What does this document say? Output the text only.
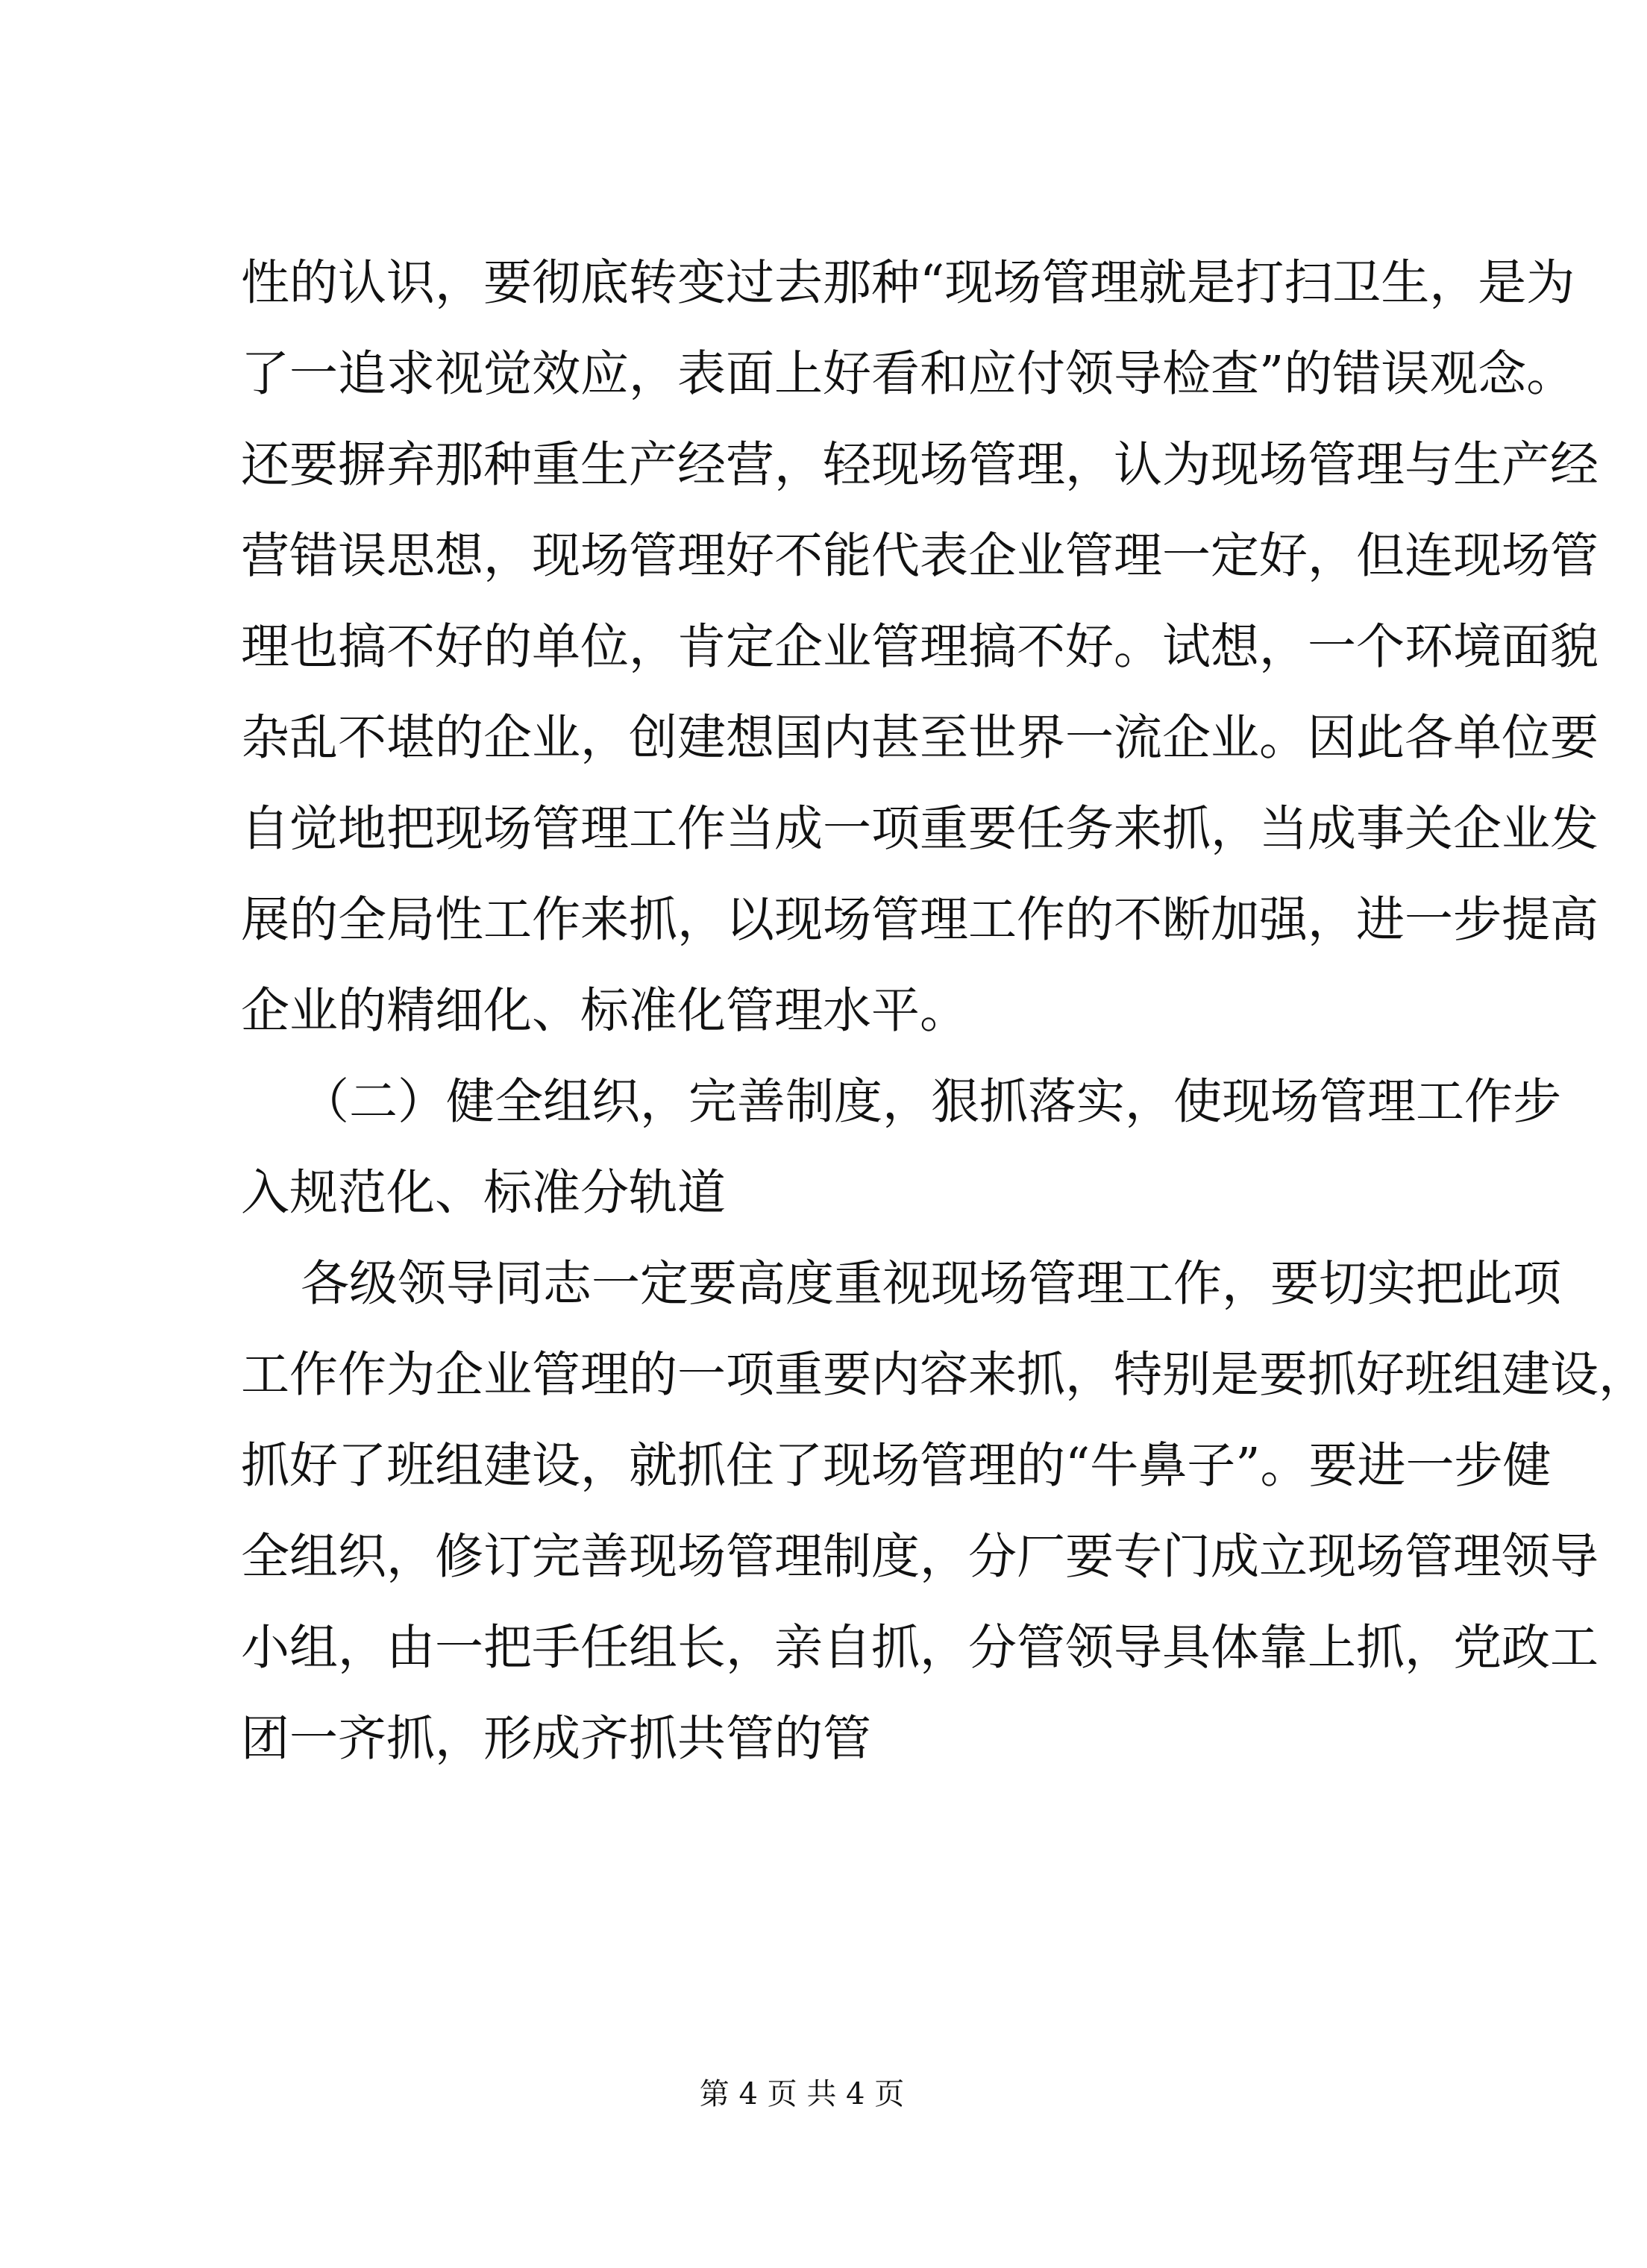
性的认识，要彻底转变过去那种“现场管理就是打扫卫生，是为
了一追求视觉效应，表面上好看和应付领导检查”的错误观念。
还要摒弃那种重生产经营，轻现场管理，认为现场管理与生产经
营错误思想，现场管理好不能代表企业管理一定好，但连现场管
理也搞不好的单位，肯定企业管理搞不好。试想，一个环境面貌
杂乱不堪的企业，创建想国内甚至世界一流企业。因此各单位要
自觉地把现场管理工作当成一项重要任务来抓，当成事关企业发
展的全局性工作来抓，以现场管理工作的不断加强，进一步提高
企业的精细化、标准化管理水平。
（二）健全组织，完善制度，狠抓落实，使现场管理工作步
入规范化、标准分轨道
各级领导同志一定要高度重视现场管理工作，要切实把此项
工作作为企业管理的一项重要内容来抓，特别是要抓好班组建设，
抓好了班组建设，就抓住了现场管理的“牛鼻子”。要进一步健
全组织，修订完善现场管理制度，分厂要专门成立现场管理领导
小组，由一把手任组长，亲自抓，分管领导具体靠上抓，党政工
团一齐抓，形成齐抓共管的管
第 4 页 共 4 页
